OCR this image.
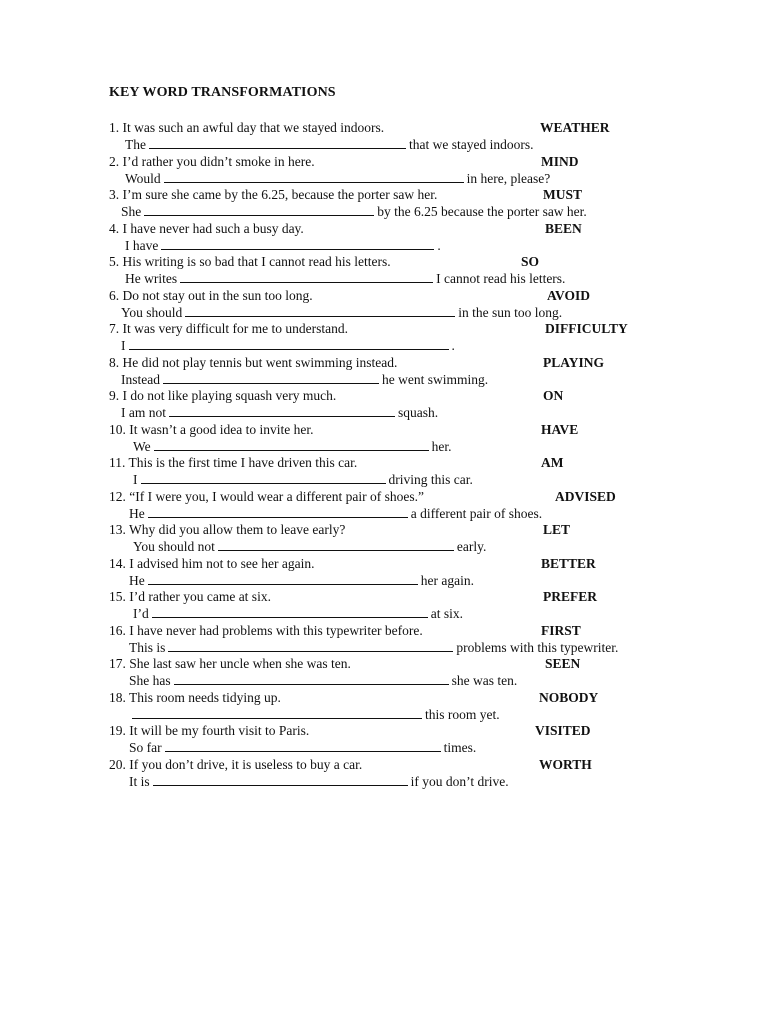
KEY WORD TRANSFORMATIONS
1. It was such an awful day that we stayed indoors.	WEATHER
The	that we stayed indoors.
2. I’d rather you didn’t smoke in here.	MIND
Would	in here, please?
3. I’m sure she came by the 6.25, because the porter saw her.	MUST
She	by the 6.25 because the porter saw her.
4. I have never had such a busy day.	BEEN
I have	.
5. His writing is so bad that I cannot read his letters.	SO
He writes	I cannot read his letters.
6. Do not stay out in the sun too long.	AVOID
You should	in the sun too long.
7. It was very difficult for me to understand.	DIFFICULTY
I	.
8. He did not play tennis but went swimming instead.	PLAYING
Instead	he went swimming.
9. I do not like playing squash very much.	ON
I am not	squash.
10. It wasn’t a good idea to invite her.	HAVE
We	her.
11. This is the first time I have driven this car.	AM
I	driving this car.
12. “If I were you, I would wear a different pair of shoes.”	ADVISED
He	a different pair of shoes.
13. Why did you allow them to leave early?	LET
You should not	early.
14. I advised him not to see her again.	BETTER
He	her again.
15. I’d rather you came at six.	PREFER
I’d	at six.
16. I have never had problems with this typewriter before.	FIRST
This is	problems with this typewriter.
17. She last saw her uncle when she was ten.	SEEN
She has	she was ten.
18. This room needs tidying up.	NOBODY
this room yet.
19. It will be my fourth visit to Paris.	VISITED
So far	times.
20. If you don’t drive, it is useless to buy a car.	WORTH
It is	if you don’t drive.
